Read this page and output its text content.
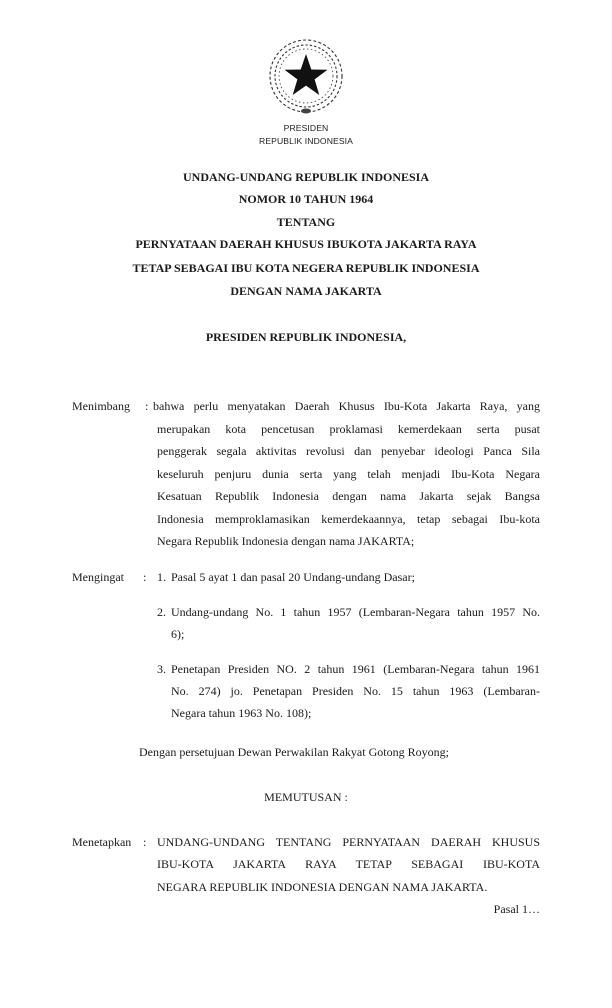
PRESIDEN
REPUBLIK INDONESIA
UNDANG-UNDANG REPUBLIK INDONESIA
NOMOR 10 TAHUN 1964
TENTANG
PERNYATAAN DAERAH KHUSUS IBUKOTA JAKARTA RAYA
TETAP SEBAGAI IBU KOTA NEGERA REPUBLIK INDONESIA
DENGAN NAMA JAKARTA
PRESIDEN REPUBLIK INDONESIA,
Menimbang : bahwa perlu menyatakan Daerah Khusus Ibu-Kota Jakarta Raya, yang
merupakan kota pencetusan proklamasi kemerdekaan serta pusat
penggerak segala aktivitas revolusi dan penyebar ideologi Panca Sila
keseluruh penjuru dunia serta yang telah menjadi Ibu-Kota Negara
Kesatuan Republik Indonesia dengan nama Jakarta sejak Bangsa
Indonesia memproklamasikan kemerdekaannya, tetap sebagai Ibu-kota
Negara Republik Indonesia dengan nama JAKARTA;
Mengingat : 1. Pasal 5 ayat 1 dan pasal 20 Undang-undang Dasar;
2. Undang-undang No. 1 tahun 1957 (Lembaran-Negara tahun 1957 No.
6);
3. Penetapan Presiden NO. 2 tahun 1961 (Lembaran-Negara tahun 1961
No. 274) jo. Penetapan Presiden No. 15 tahun 1963 (Lembaran-
Negara tahun 1963 No. 108);
Dengan persetujuan Dewan Perwakilan Rakyat Gotong Royong;
MEMUTUSAN :
Menetapkan : UNDANG-UNDANG TENTANG PERNYATAAN DAERAH KHUSUS
IBU-KOTA JAKARTA RAYA TETAP SEBAGAI IBU-KOTA
NEGARA REPUBLIK INDONESIA DENGAN NAMA JAKARTA.
Pasal 1…
